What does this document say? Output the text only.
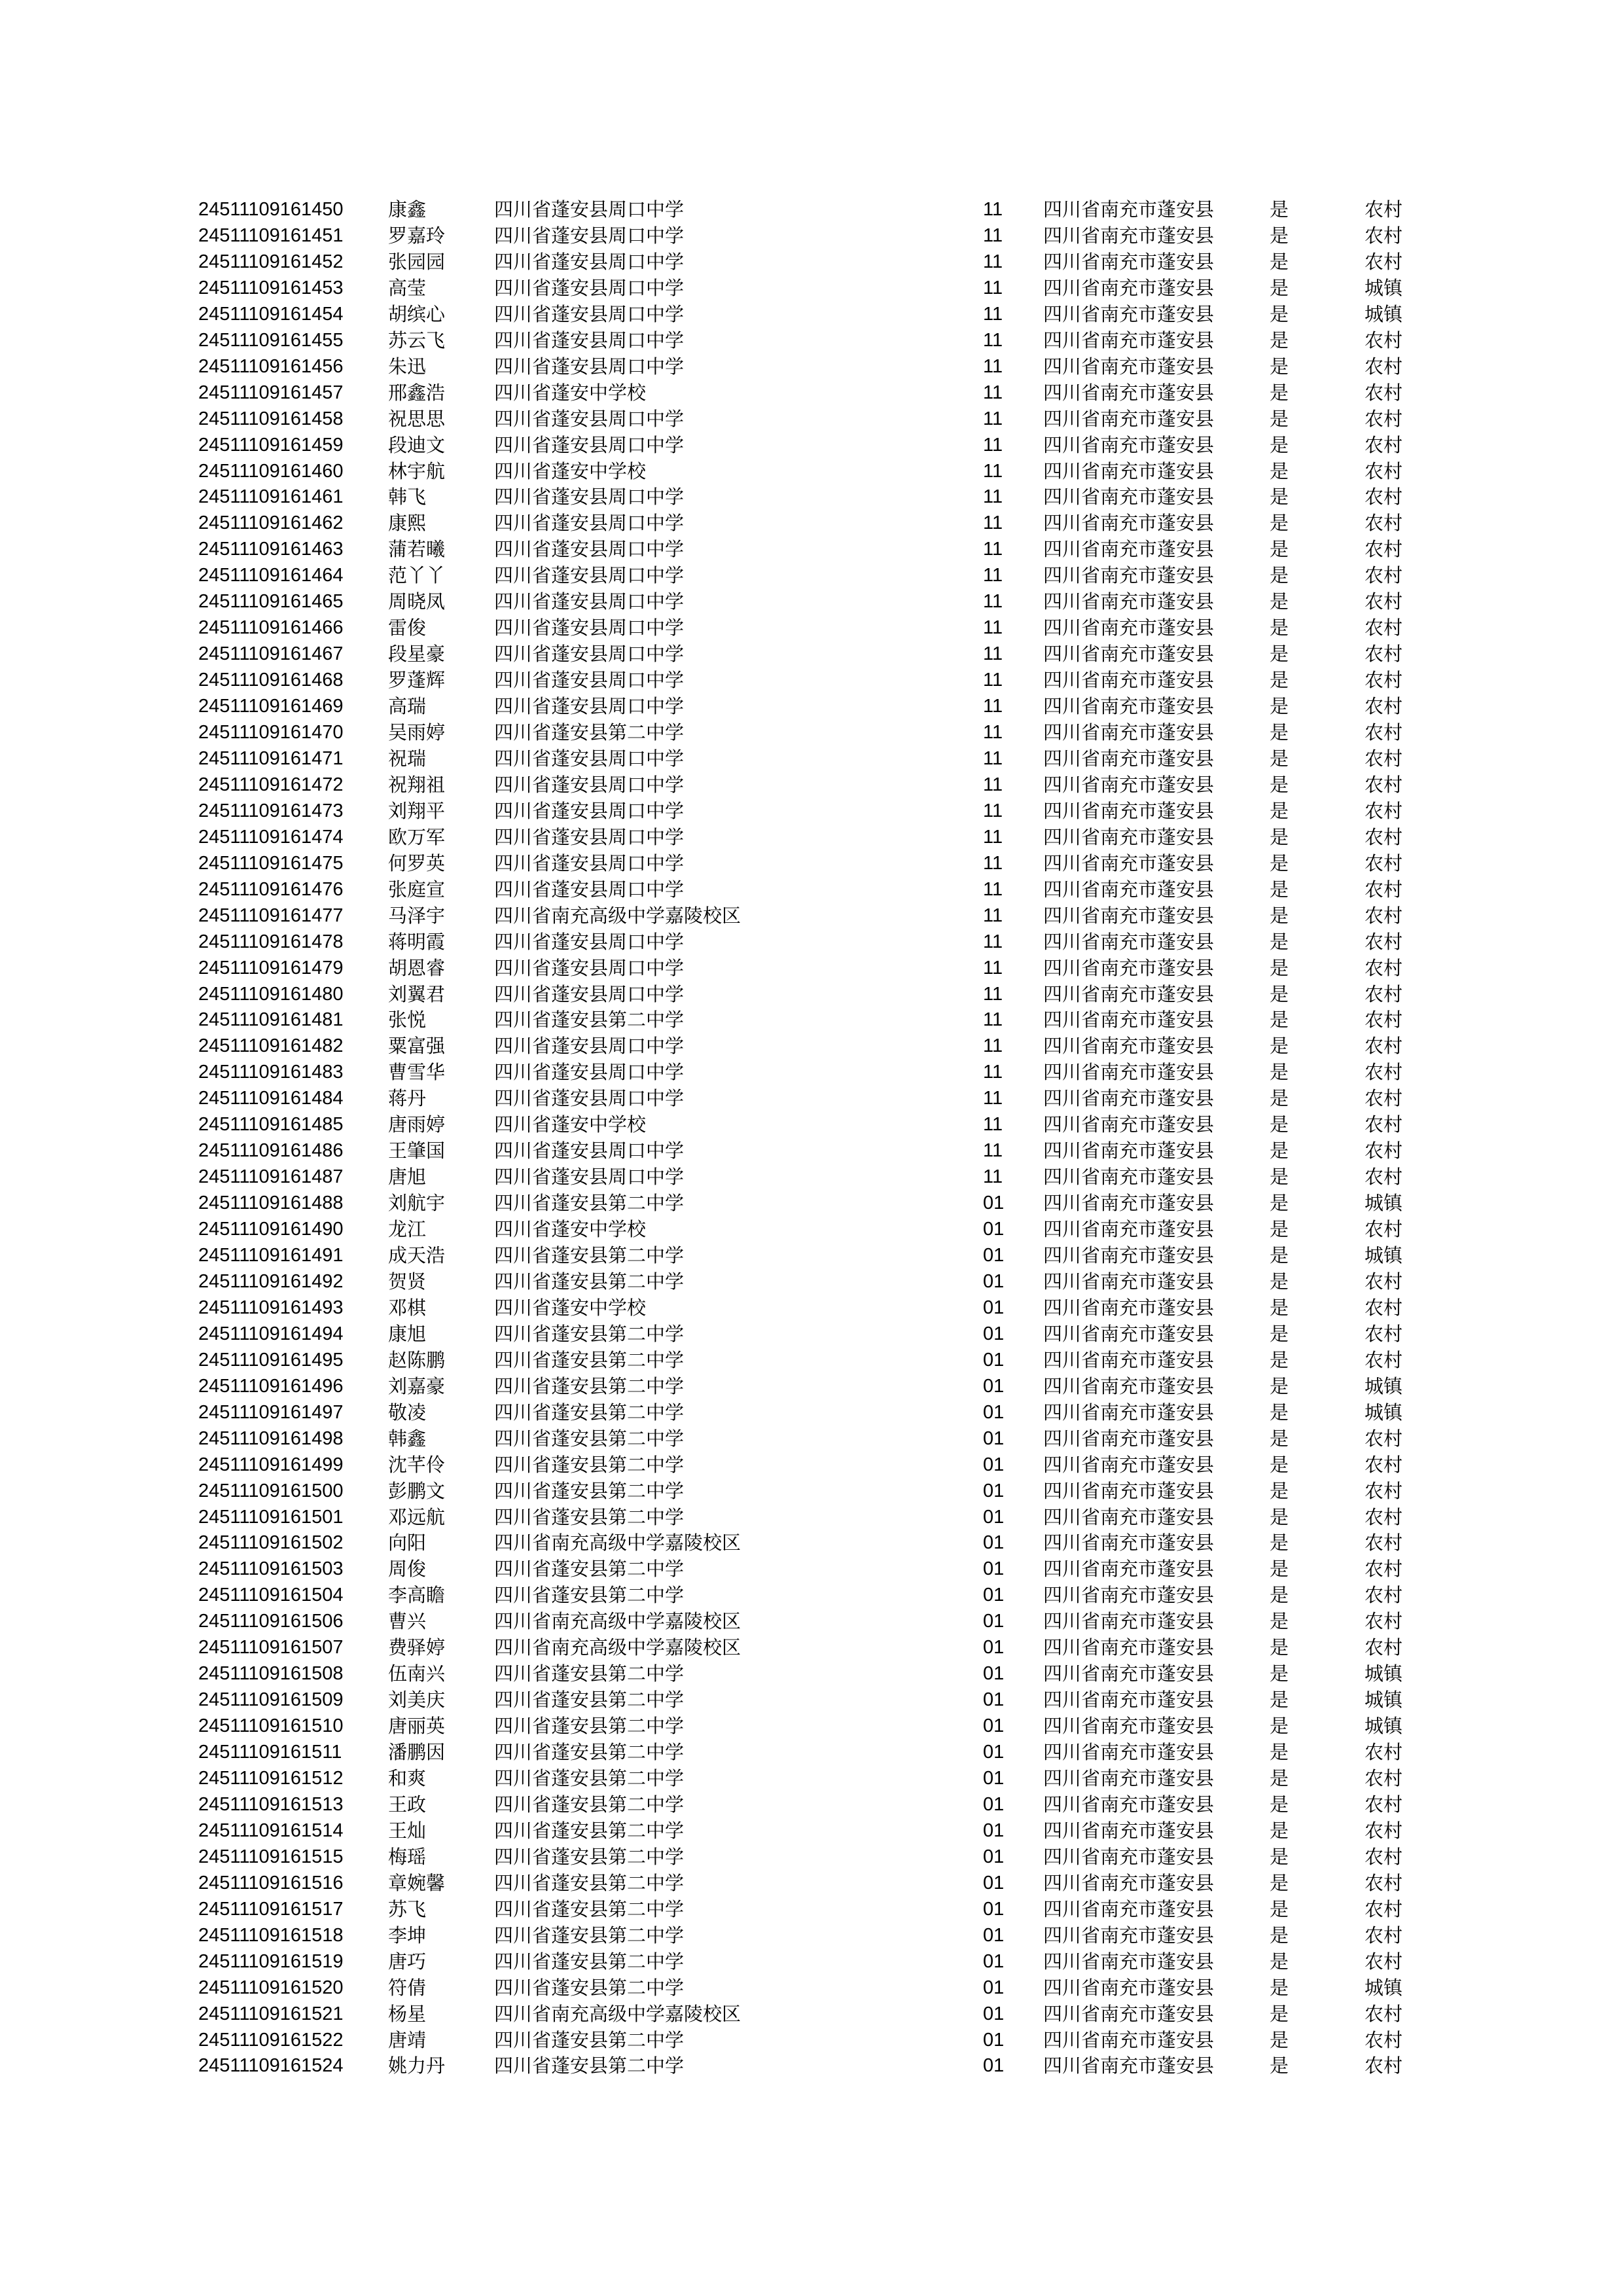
24511109161450 康鑫	四川省蓬安县周口中学	11 四川省南充市蓬安县	是	农村
24511109161451 罗嘉玲	四川省蓬安县周口中学	11 四川省南充市蓬安县	是	农村
24511109161452 张园园	四川省蓬安县周口中学	11 四川省南充市蓬安县	是	农村
24511109161453 高莹	四川省蓬安县周口中学	11 四川省南充市蓬安县	是	城镇
24511109161454 胡缤心	四川省蓬安县周口中学	11 四川省南充市蓬安县	是	城镇
24511109161455 苏云飞	四川省蓬安县周口中学	11 四川省南充市蓬安县	是	农村
24511109161456 朱迅	四川省蓬安县周口中学	11 四川省南充市蓬安县	是	农村
24511109161457 邢鑫浩	四川省蓬安中学校	11 四川省南充市蓬安县	是	农村
24511109161458 祝思思	四川省蓬安县周口中学	11 四川省南充市蓬安县	是	农村
24511109161459 段迪文	四川省蓬安县周口中学	11 四川省南充市蓬安县	是	农村
24511109161460 林宇航	四川省蓬安中学校	11 四川省南充市蓬安县	是	农村
24511109161461 韩飞	四川省蓬安县周口中学	11 四川省南充市蓬安县	是	农村
24511109161462 康熙	四川省蓬安县周口中学	11 四川省南充市蓬安县	是	农村
24511109161463 蒲若曦	四川省蓬安县周口中学	11 四川省南充市蓬安县	是	农村
24511109161464 范丫丫	四川省蓬安县周口中学	11 四川省南充市蓬安县	是	农村
24511109161465 周晓凤	四川省蓬安县周口中学	11 四川省南充市蓬安县	是	农村
24511109161466 雷俊	四川省蓬安县周口中学	11 四川省南充市蓬安县	是	农村
24511109161467 段星豪	四川省蓬安县周口中学	11 四川省南充市蓬安县	是	农村
24511109161468 罗蓬辉	四川省蓬安县周口中学	11 四川省南充市蓬安县	是	农村
24511109161469 高瑞	四川省蓬安县周口中学	11 四川省南充市蓬安县	是	农村
24511109161470 吴雨婷	四川省蓬安县第二中学	11 四川省南充市蓬安县	是	农村
24511109161471 祝瑞	四川省蓬安县周口中学	11 四川省南充市蓬安县	是	农村
24511109161472 祝翔祖	四川省蓬安县周口中学	11 四川省南充市蓬安县	是	农村
24511109161473 刘翔平	四川省蓬安县周口中学	11 四川省南充市蓬安县	是	农村
24511109161474 欧万军	四川省蓬安县周口中学	11 四川省南充市蓬安县	是	农村
24511109161475 何罗英	四川省蓬安县周口中学	11 四川省南充市蓬安县	是	农村
24511109161476 张庭宣	四川省蓬安县周口中学	11 四川省南充市蓬安县	是	农村
24511109161477 马泽宇	四川省南充高级中学嘉陵校区	11 四川省南充市蓬安县	是	农村
24511109161478 蒋明霞	四川省蓬安县周口中学	11 四川省南充市蓬安县	是	农村
24511109161479 胡恩睿	四川省蓬安县周口中学	11 四川省南充市蓬安县	是	农村
24511109161480 刘翼君	四川省蓬安县周口中学	11 四川省南充市蓬安县	是	农村
24511109161481 张悦	四川省蓬安县第二中学	11 四川省南充市蓬安县	是	农村
24511109161482 粟富强	四川省蓬安县周口中学	11 四川省南充市蓬安县	是	农村
24511109161483 曹雪华	四川省蓬安县周口中学	11 四川省南充市蓬安县	是	农村
24511109161484 蒋丹	四川省蓬安县周口中学	11 四川省南充市蓬安县	是	农村
24511109161485 唐雨婷	四川省蓬安中学校	11 四川省南充市蓬安县	是	农村
24511109161486 王肇国	四川省蓬安县周口中学	11 四川省南充市蓬安县	是	农村
24511109161487 唐旭	四川省蓬安县周口中学	11 四川省南充市蓬安县	是	农村
24511109161488 刘航宇	四川省蓬安县第二中学	01 四川省南充市蓬安县	是	城镇
24511109161490 龙江	四川省蓬安中学校	01 四川省南充市蓬安县	是	农村
24511109161491 成天浩	四川省蓬安县第二中学	01 四川省南充市蓬安县	是	城镇
24511109161492 贺贤	四川省蓬安县第二中学	01 四川省南充市蓬安县	是	农村
24511109161493 邓棋	四川省蓬安中学校	01 四川省南充市蓬安县	是	农村
24511109161494 康旭	四川省蓬安县第二中学	01 四川省南充市蓬安县	是	农村
24511109161495 赵陈鹏	四川省蓬安县第二中学	01 四川省南充市蓬安县	是	农村
24511109161496 刘嘉豪	四川省蓬安县第二中学	01 四川省南充市蓬安县	是	城镇
24511109161497 敬凌	四川省蓬安县第二中学	01 四川省南充市蓬安县	是	城镇
24511109161498 韩鑫	四川省蓬安县第二中学	01 四川省南充市蓬安县	是	农村
24511109161499 沈芊伶	四川省蓬安县第二中学	01 四川省南充市蓬安县	是	农村
24511109161500 彭鹏文	四川省蓬安县第二中学	01 四川省南充市蓬安县	是	农村
24511109161501 邓远航	四川省蓬安县第二中学	01 四川省南充市蓬安县	是	农村
24511109161502 向阳	四川省南充高级中学嘉陵校区	01 四川省南充市蓬安县	是	农村
24511109161503 周俊	四川省蓬安县第二中学	01 四川省南充市蓬安县	是	农村
24511109161504 李高瞻	四川省蓬安县第二中学	01 四川省南充市蓬安县	是	农村
24511109161506 曹兴	四川省南充高级中学嘉陵校区	01 四川省南充市蓬安县	是	农村
24511109161507 费驿婷	四川省南充高级中学嘉陵校区	01 四川省南充市蓬安县	是	农村
24511109161508 伍南兴	四川省蓬安县第二中学	01 四川省南充市蓬安县	是	城镇
24511109161509 刘美庆	四川省蓬安县第二中学	01 四川省南充市蓬安县	是	城镇
24511109161510 唐丽英	四川省蓬安县第二中学	01 四川省南充市蓬安县	是	城镇
24511109161511 潘鹏因	四川省蓬安县第二中学	01 四川省南充市蓬安县	是	农村
24511109161512 和爽	四川省蓬安县第二中学	01 四川省南充市蓬安县	是	农村
24511109161513 王政	四川省蓬安县第二中学	01 四川省南充市蓬安县	是	农村
24511109161514 王灿	四川省蓬安县第二中学	01 四川省南充市蓬安县	是	农村
24511109161515 梅瑶	四川省蓬安县第二中学	01 四川省南充市蓬安县	是	农村
24511109161516 章婉馨	四川省蓬安县第二中学	01 四川省南充市蓬安县	是	农村
24511109161517 苏飞	四川省蓬安县第二中学	01 四川省南充市蓬安县	是	农村
24511109161518 李坤	四川省蓬安县第二中学	01 四川省南充市蓬安县	是	农村
24511109161519 唐巧	四川省蓬安县第二中学	01 四川省南充市蓬安县	是	农村
24511109161520 符倩	四川省蓬安县第二中学	01 四川省南充市蓬安县	是	城镇
24511109161521 杨星	四川省南充高级中学嘉陵校区	01 四川省南充市蓬安县	是	农村
24511109161522 唐靖	四川省蓬安县第二中学	01 四川省南充市蓬安县	是	农村
24511109161524 姚力丹	四川省蓬安县第二中学	01 四川省南充市蓬安县	是	农村
